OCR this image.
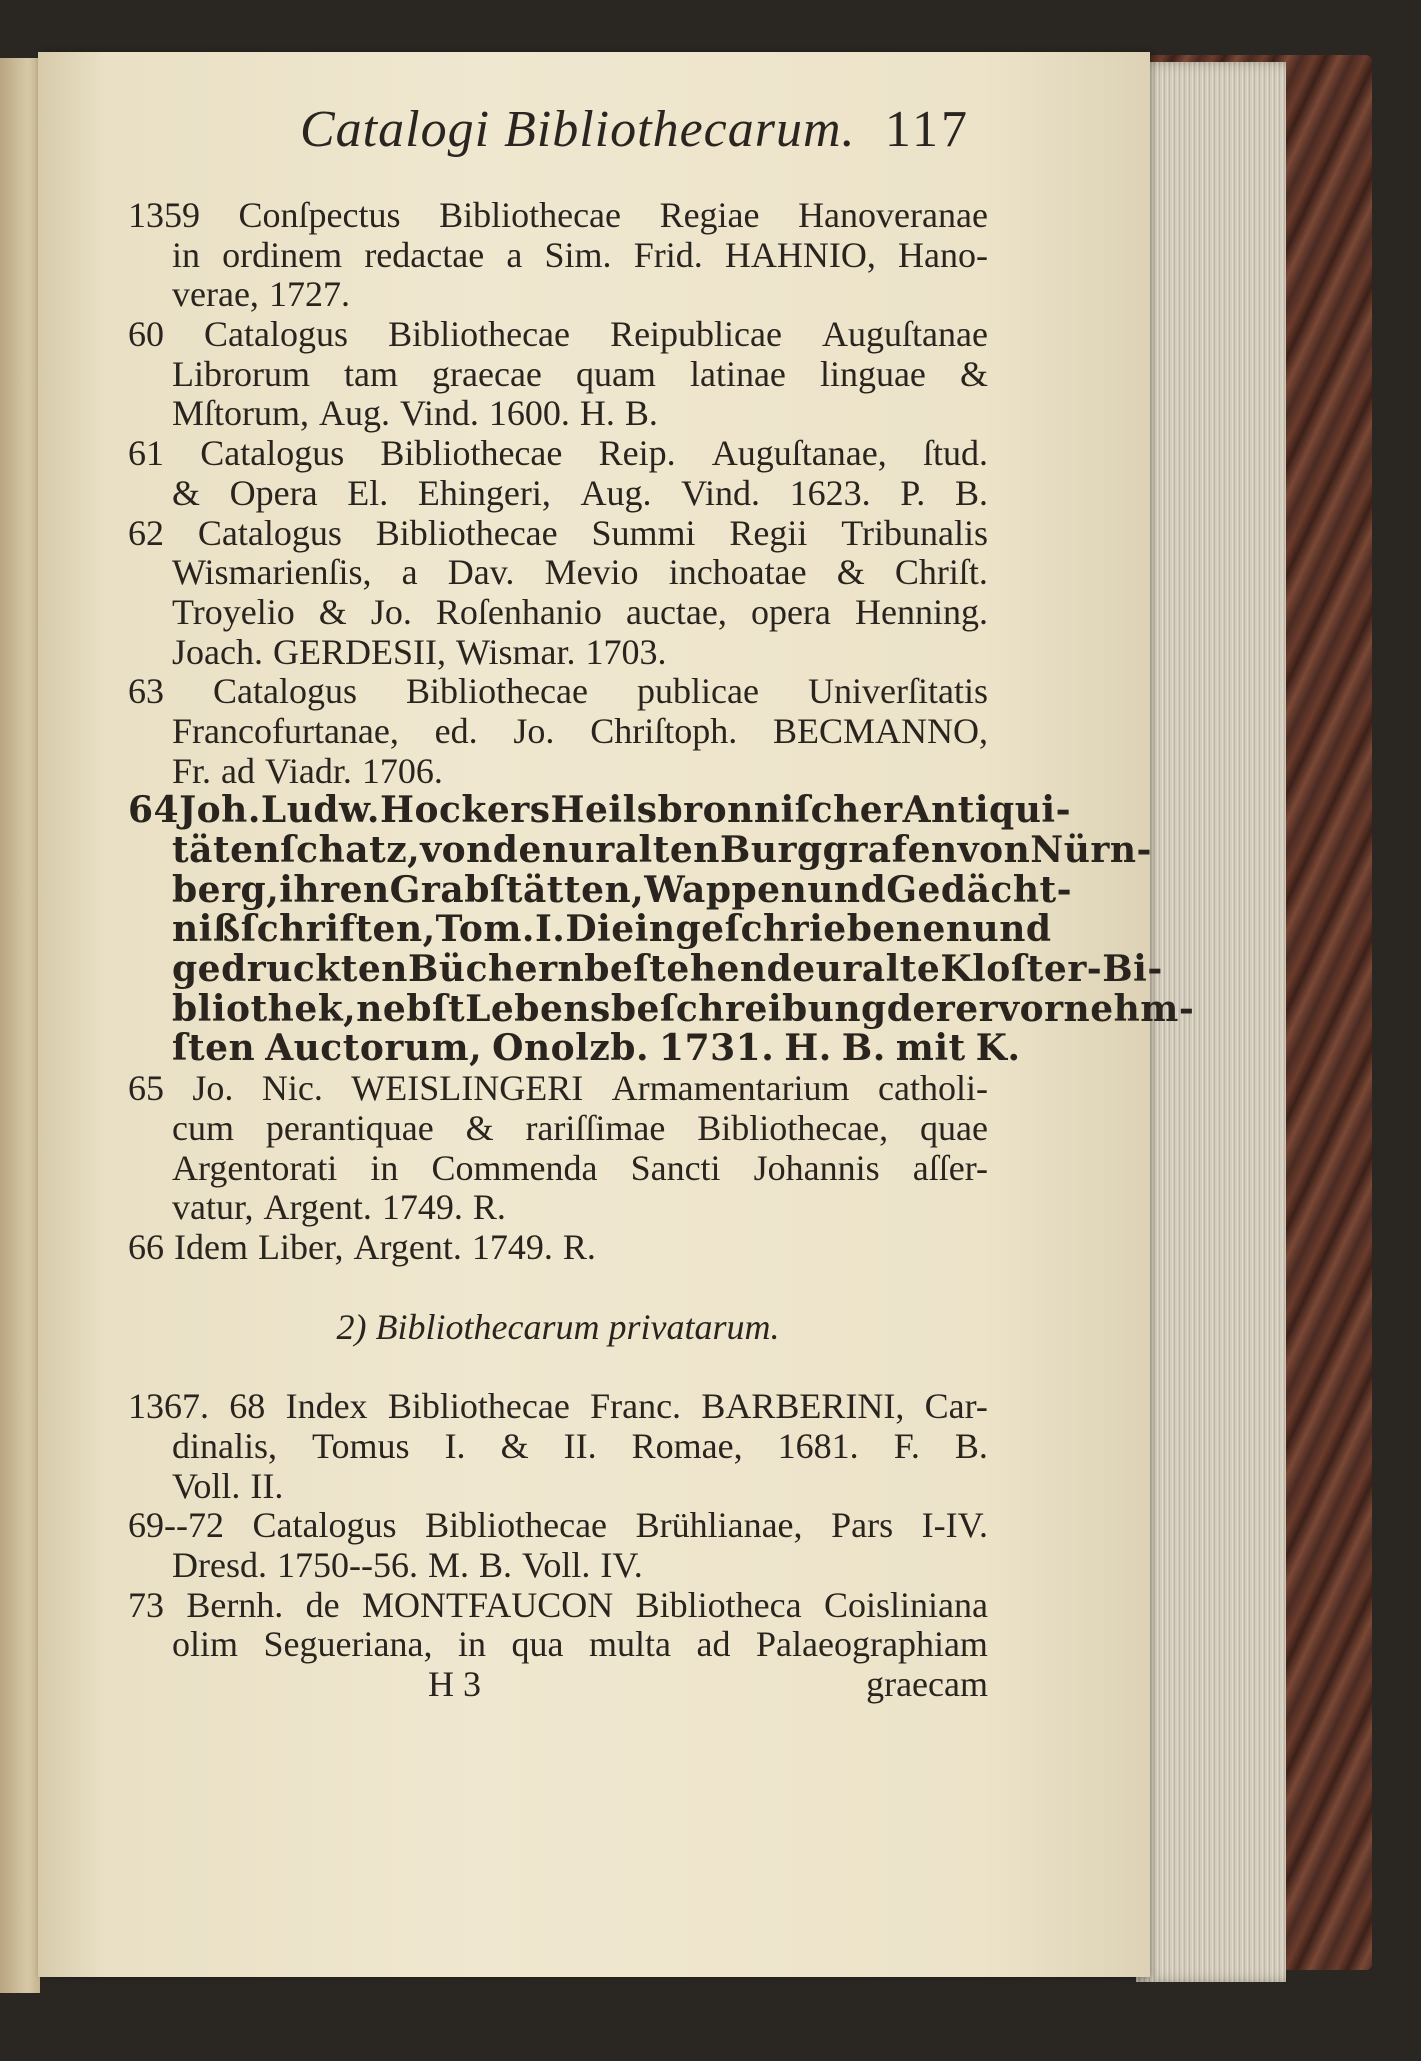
Catalogi Bibliothecarum. 117
1359 Conſpectus Bibliothecae Regiae Hanoveranae
in ordinem redactae a Sim. Frid. HAHNIO, Hano-
verae, 1727.
60 Catalogus Bibliothecae Reipublicae Auguſtanae
Librorum tam graecae quam latinae linguae &
Mſtorum, Aug. Vind. 1600. H. B.
61 Catalogus Bibliothecae Reip. Auguſtanae, ſtud.
& Opera El. Ehingeri, Aug. Vind. 1623. P. B.
62 Catalogus Bibliothecae Summi Regii Tribunalis
Wismarienſis, a Dav. Mevio inchoatae & Chriſt.
Troyelio & Jo. Roſenhanio auctae, opera Henning.
Joach. GERDESII, Wismar. 1703.
63 Catalogus Bibliothecae publicae Univerſitatis
Francofurtanae, ed. Jo. Chriſtoph. BECMANNO,
Fr. ad Viadr. 1706.
64 Joh. Ludw. Hockers Heilsbronniſcher Antiqui-
tätenſchatz, von den uralten Burggrafen von Nürn-
berg, ihren Grabſtätten, Wappen und Gedächt-
nißſchriften, Tom. I. Die in geſchriebenen und
gedruckten Büchern beſtehende uralte Kloſter-Bi-
bliothek, nebſt Lebensbeſchreibung derer vornehm-
ſten Auctorum, Onolzb. 1731. H. B. mit K.
65 Jo. Nic. WEISLINGERI Armamentarium catholi-
cum perantiquae & rariſſimae Bibliothecae, quae
Argentorati in Commenda Sancti Johannis aſſer-
vatur, Argent. 1749. R.
66 Idem Liber, Argent. 1749. R.
2) Bibliothecarum privatarum.
1367. 68 Index Bibliothecae Franc. BARBERINI, Car-
dinalis, Tomus I. & II. Romae, 1681. F. B.
Voll. II.
69--72 Catalogus Bibliothecae Brühlianae, Pars I-IV.
Dresd. 1750--56. M. B. Voll. IV.
73 Bernh. de MONTFAUCON Bibliotheca Coisliniana
olim Segueriana, in qua multa ad Palaeographiam
H 3	graecam
